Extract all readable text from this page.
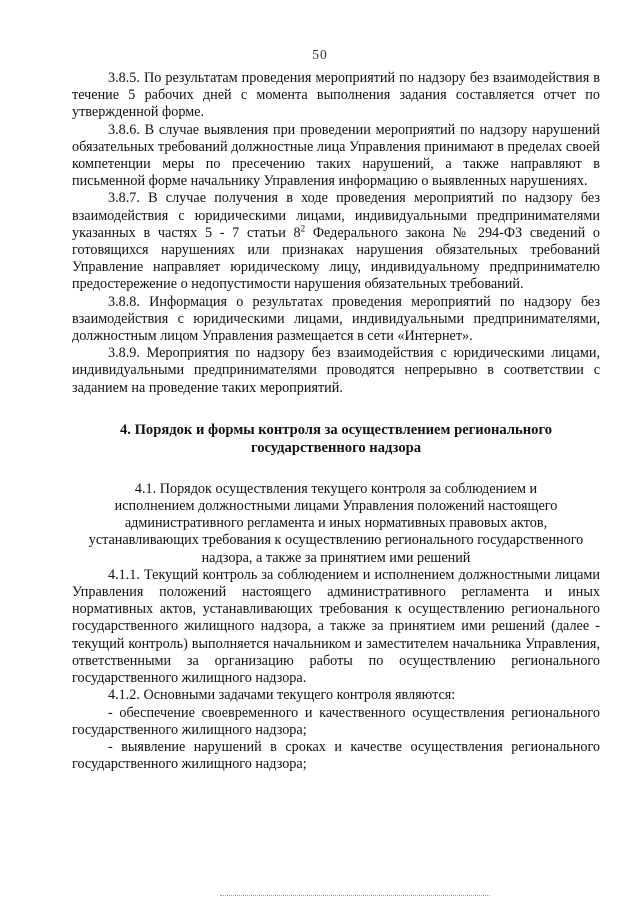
50

3.8.5. По результатам проведения мероприятий по надзору без взаимодействия в течение 5 рабочих дней с момента выполнения задания составляется отчет по утвержденной форме.

3.8.6. В случае выявления при проведении мероприятий по надзору нарушений обязательных требований должностные лица Управления принимают в пределах своей компетенции меры по пресечению таких нарушений, а также направляют в письменной форме начальнику Управления информацию о выявленных нарушениях.

3.8.7. В случае получения в ходе проведения мероприятий по надзору без взаимодействия с юридическими лицами, индивидуальными предпринимателями указанных в частях 5 - 7 статьи $8^2$ Федерального закона № 294-ФЗ сведений о готовящихся нарушениях или признаках нарушения обязательных требований Управление направляет юридическому лицу, индивидуальному предпринимателю предостережение о недопустимости нарушения обязательных требований.

3.8.8. Информация о результатах проведения мероприятий по надзору без взаимодействия с юридическими лицами, индивидуальными предпринимателями, должностным лицом Управления размещается в сети «Интернет».

3.8.9. Мероприятия по надзору без взаимодействия с юридическими лицами, индивидуальными предпринимателями проводятся непрерывно в соответствии с заданием на проведение таких мероприятий.

4. Порядок и формы контроля за осуществлением регионального
государственного надзора
4.1. Порядок осуществления текущего контроля за соблюдением и
исполнением должностными лицами Управления положений настоящего
административного регламента и иных нормативных правовых актов,
устанавливающих требования к осуществлению регионального государственного
надзора, а также за принятием ими решений

4.1.1. Текущий контроль за соблюдением и исполнением должностными лицами Управления положений настоящего административного регламента и иных нормативных актов, устанавливающих требования к осуществлению регионального государственного жилищного надзора, а также за принятием ими решений (далее - текущий контроль) выполняется начальником и заместителем начальника Управления, ответственными за организацию работы по осуществлению регионального государственного жилищного надзора.

4.1.2. Основными задачами текущего контроля являются:

- обеспечение своевременного и качественного осуществления регионального государственного жилищного надзора;

- выявление нарушений в сроках и качестве осуществления регионального государственного жилищного надзора;
